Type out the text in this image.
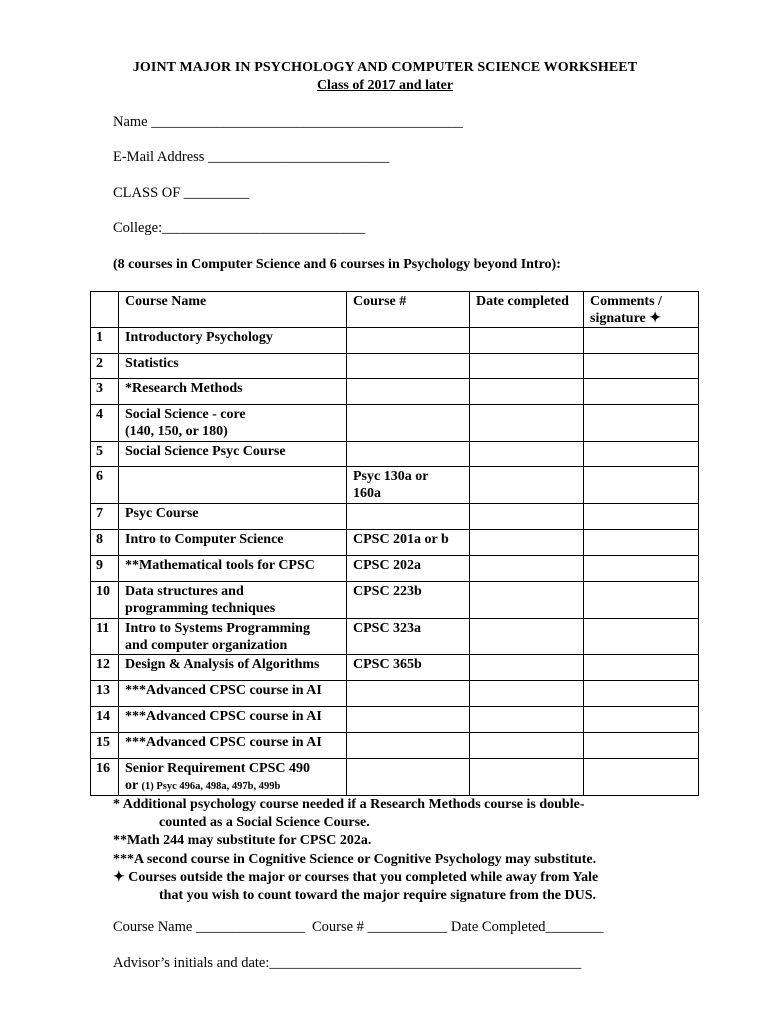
JOINT MAJOR IN PSYCHOLOGY AND COMPUTER SCIENCE WORKSHEET
Class of 2017 and later
Name ___________________________________________
E-Mail Address _________________________
CLASS OF _________
College:____________________________
(8 courses in Computer Science and 6 courses in Psychology beyond Intro):
	Course Name	Course #	Date completed	Comments / signature ✦
1	Introductory Psychology			
2	Statistics			
3	*Research Methods			
4	Social Science - core
(140, 150, or 180)			

5	Social Science Psyc Course			
6		Psyc 130a or
160a		

7	Psyc Course			
8	Intro to Computer Science	CPSC 201a or b		
9	**Mathematical tools for CPSC	CPSC 202a		
10	Data structures and
programming techniques	CPSC 223b		
11	Intro to Systems Programming
and computer organization	CPSC 323a		
12	Design & Analysis of Algorithms	CPSC 365b		
13	***Advanced CPSC course in AI			
14	***Advanced CPSC course in AI			
15	***Advanced CPSC course in AI			
16	Senior Requirement CPSC 490
or (1) Psyc 496a, 498a, 497b, 499b			

* Additional psychology course needed if a Research Methods course is double-
counted as a Social Science Course.
**Math 244 may substitute for CPSC 202a.
***A second course in Cognitive Science or Cognitive Psychology may substitute.
✦ Courses outside the major or courses that you completed while away from Yale
that you wish to count toward the major require signature from the DUS.
Course Name _______________  Course # ___________ Date Completed________
Advisor’s initials and date:___________________________________________
